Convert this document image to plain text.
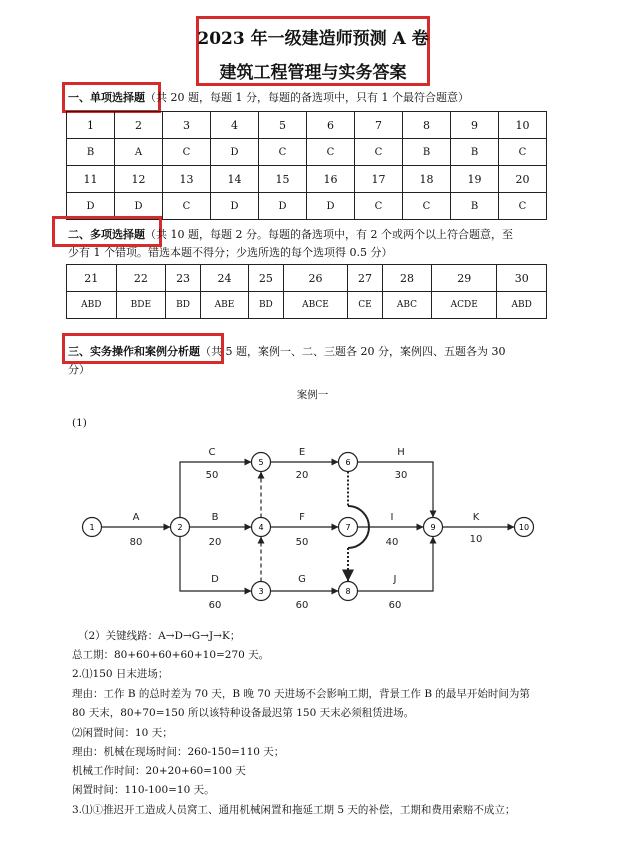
2023 年一级建造师预测 A 卷
建筑工程管理与实务答案
一、单项选择题（共 20 题，每题 1 分，每题的备选项中，只有 1 个最符合题意）
1	2	3	4	5	6	7	8	9	10
B	A	C	D	C	C	C	B	B	C
11	12	13	14	15	16	17	18	19	20
D	D	C	D	D	D	C	C	B	C
二、多项选择题（共 10 题，每题 2 分。每题的备选项中，有 2 个或两个以上符合题意，至
少有 1 个错项。错选本题不得分；少选所选的每个选项得 0.5 分）
21	22	23	24	25	26	27	28	29	30
ABD	BDE	BD	ABE	BD	ABCE	CE	ABC	ACDE	ABD
三、实务操作和案例分析题（共 5 题，案例一、二、三题各 20 分，案例四、五题各为 30
分）
案例一
(1)
1	2
3
4
5	6
7
8
9	10
A
80
B
20
C
50
D
60
E
20
F
50
G
60
H
30
I
40
J
60
K
10
（2）关键线路：A→D→G→J→K；
总工期：80+60+60+60+10=270 天。
2.⑴150 日末进场；
理由：工作 B 的总时差为 70 天，B 晚 70 天进场不会影响工期，背景工作 B 的最早开始时间为第
80 天末，80+70=150 所以该特种设备最迟第 150 天末必须租赁进场。
⑵闲置时间：10 天；
理由：机械在现场时间：260-150=110 天；
机械工作时间：20+20+60=100 天
闲置时间：110-100=10 天。
3.⑴①推迟开工造成人员窝工、通用机械闲置和拖延工期 5 天的补偿，工期和费用索赔不成立；
